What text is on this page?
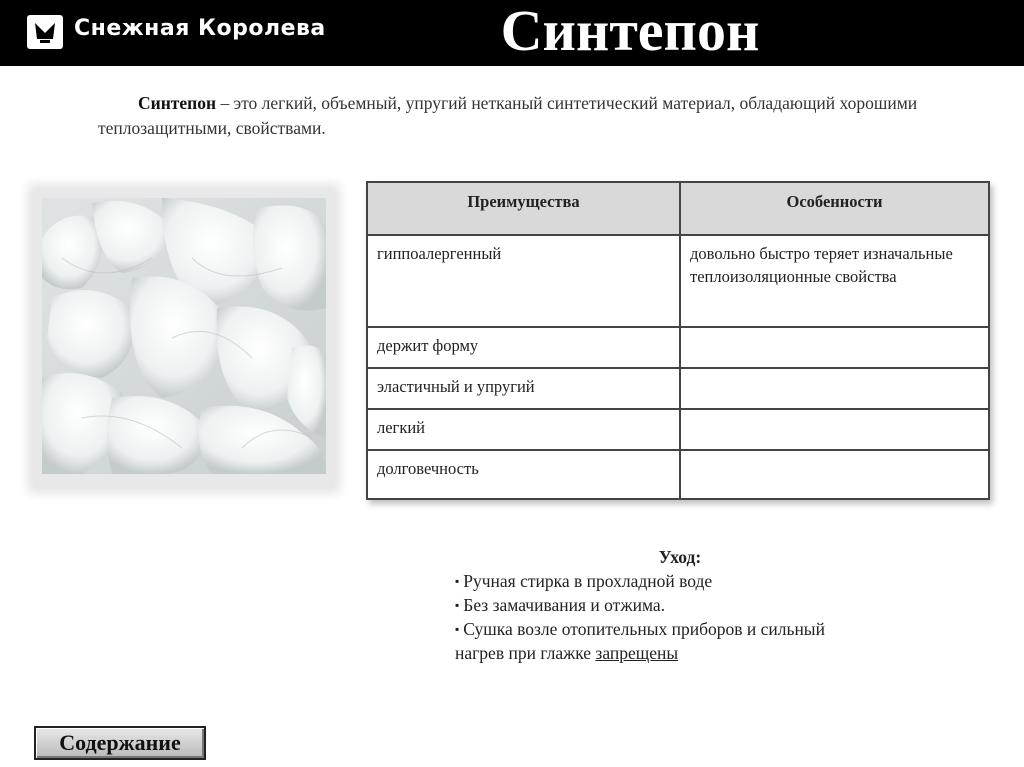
Снежная Королева	Синтепон
Синтепон – это легкий, объемный, упругий нетканый синтетический материал, обладающий хорошими теплозащитными, свойствами.
Преимущества	Особенности
гиппоалергенный	довольно быстро теряет изначальные теплоизоляционные свойства
держит форму	
эластичный и упругий	
легкий	
долговечность	
Уход:
▪ Ручная стирка в прохладной воде
▪ Без замачивания и отжима.
▪ Сушка возле отопительных приборов и сильный
нагрев при глажке запрещены
Содержание
